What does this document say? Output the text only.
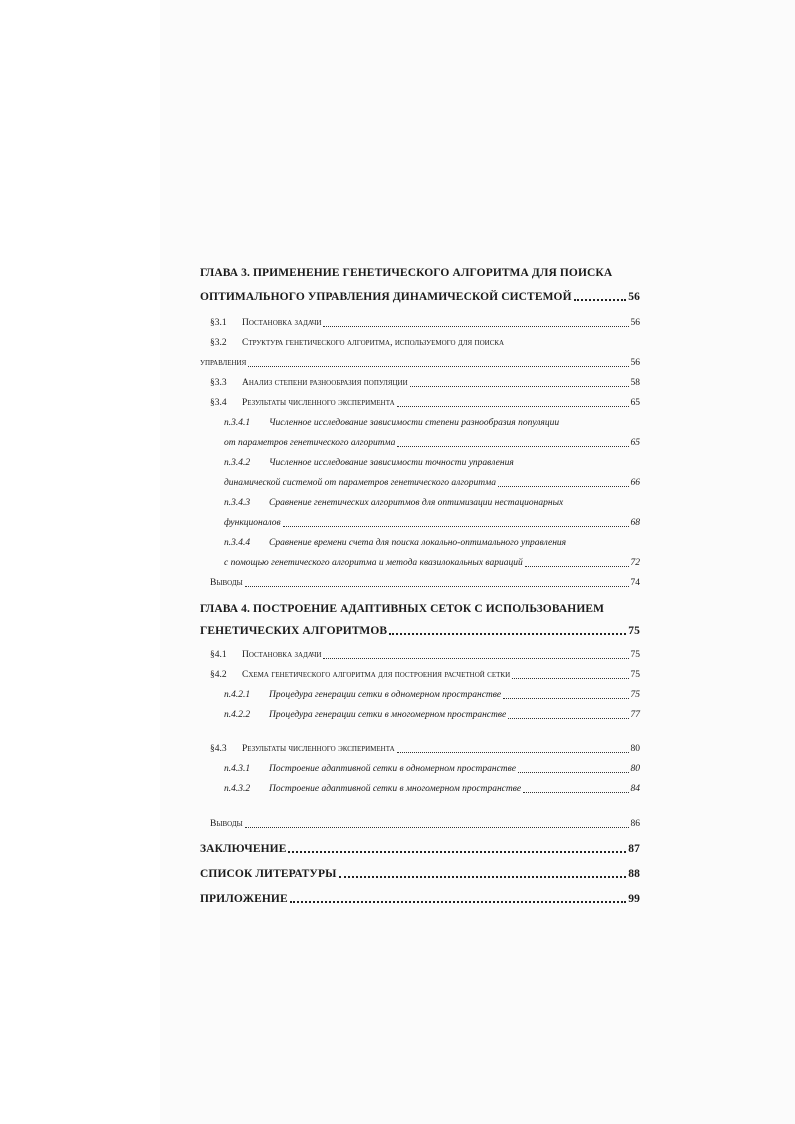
ГЛАВА 3. ПРИМЕНЕНИЕ ГЕНЕТИЧЕСКОГО АЛГОРИТМА ДЛЯ ПОИСКА
ОПТИМАЛЬНОГО УПРАВЛЕНИЯ ДИНАМИЧЕСКОЙ СИСТЕМОЙ	56
§3.1 Постановка задачи	56
§3.2 Структура генетического алгоритма, используемого для поиска
управления	56
§3.3 Анализ степени разнообразия популяции	58
§3.4 Результаты численного эксперимента	65
п.3.4.1 Численное исследование зависимости степени разнообразия популяции
от параметров генетического алгоритма	65
п.3.4.2 Численное исследование зависимости точности управления
динамической системой от параметров генетического алгоритма	66
п.3.4.3 Сравнение генетических алгоритмов для оптимизации нестационарных
функционалов	68
п.3.4.4 Сравнение времени счета для поиска локально-оптимального управления
с помощью генетического алгоритма и метода квазилокальных вариаций	72
Выводы	74
ГЛАВА 4. ПОСТРОЕНИЕ АДАПТИВНЫХ СЕТОК С ИСПОЛЬЗОВАНИЕМ
ГЕНЕТИЧЕСКИХ АЛГОРИТМОВ	75
§4.1 Постановка задачи	75
§4.2 Схема генетического алгоритма для построения расчетной сетки	75
п.4.2.1 Процедура генерации сетки в одномерном пространстве	75
п.4.2.2 Процедура генерации сетки в многомерном пространстве	77
§4.3 Результаты численного эксперимента	80
п.4.3.1 Построение адаптивной сетки в одномерном пространстве	80
п.4.3.2 Построение адаптивной сетки в многомерном пространстве	84
Выводы	86
ЗАКЛЮЧЕНИЕ	87
СПИСОК ЛИТЕРАТУРЫ	88
ПРИЛОЖЕНИЕ	99
